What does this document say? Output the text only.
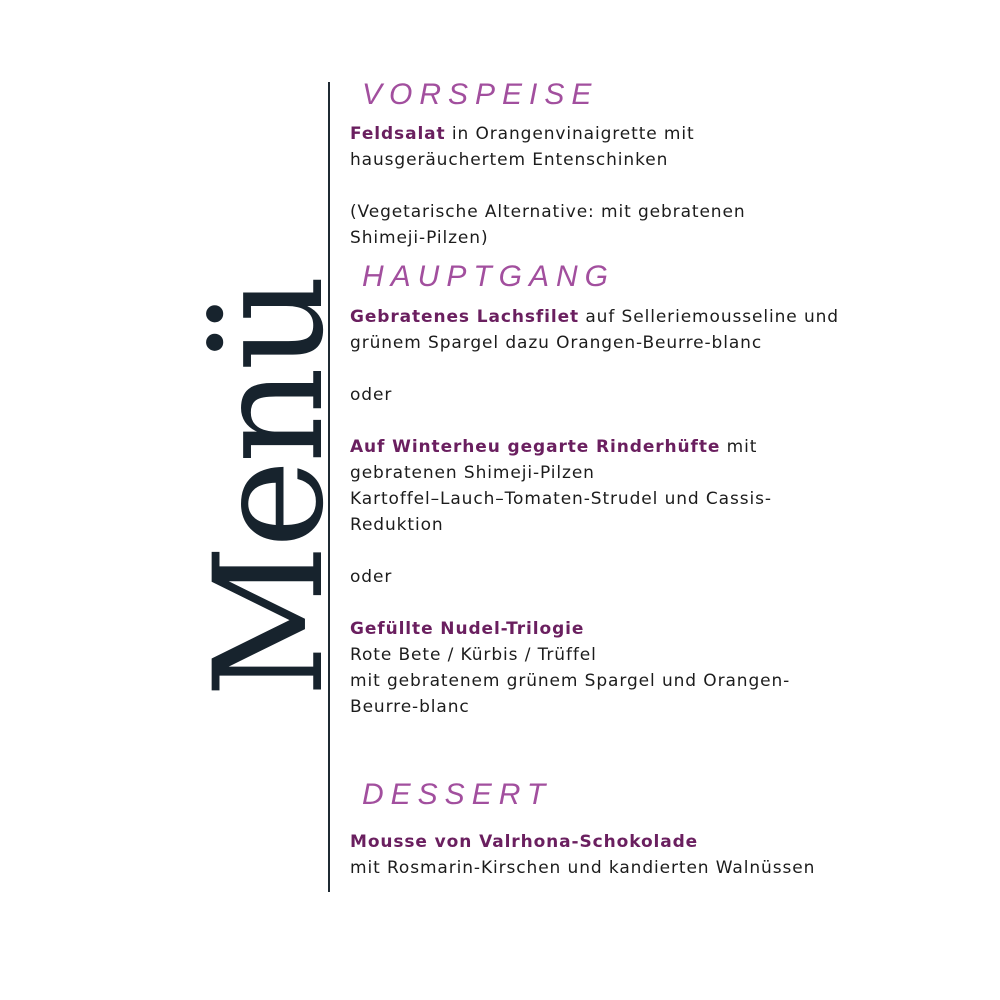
Menü
VORSPEISE
Feldsalat in Orangenvinaigrette mit
hausgeräuchertem Entenschinken
(Vegetarische Alternative: mit gebratenen
Shimeji-Pilzen)
HAUPTGANG
Gebratenes Lachsfilet auf Selleriemousseline und
grünem Spargel dazu Orangen-Beurre-blanc
oder
Auf Winterheu gegarte Rinderhüfte mit
gebratenen Shimeji-Pilzen
Kartoffel–Lauch–Tomaten-Strudel und Cassis-
Reduktion
oder
Gefüllte Nudel-Trilogie
Rote Bete / Kürbis / Trüffel
mit gebratenem grünem Spargel und Orangen-
Beurre-blanc
DESSERT
Mousse von Valrhona-Schokolade
mit Rosmarin-Kirschen und kandierten Walnüssen
